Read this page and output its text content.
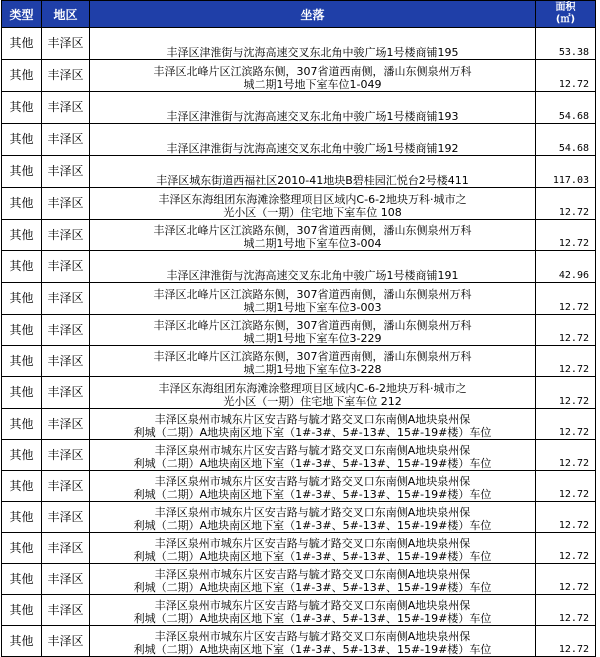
类型	地区	坐落	面积
(㎡)

其他	丰泽区	丰泽区津淮街与沈海高速交叉东北角中骏广场1号楼商铺195	53.38
其他	丰泽区	丰泽区北峰片区江滨路东侧，307省道西南侧，潘山东侧泉州万科
城二期1号地下室车位1-049	12.72
其他	丰泽区	丰泽区津淮街与沈海高速交叉东北角中骏广场1号楼商铺193	54.68
其他	丰泽区	丰泽区津淮街与沈海高速交叉东北角中骏广场1号楼商铺192	54.68
其他	丰泽区	丰泽区城东街道西福社区2010-41地块B碧桂园汇悦台2号楼411	117.03
其他	丰泽区	丰泽区东海组团东海滩涂整理项目区域内C-6-2地块万科·城市之
光小区（一期）住宅地下室车位 108	12.72
其他	丰泽区	丰泽区北峰片区江滨路东侧，307省道西南侧，潘山东侧泉州万科
城二期1号地下室车位3-004	12.72
其他	丰泽区	丰泽区津淮街与沈海高速交叉东北角中骏广场1号楼商铺191	42.96
其他	丰泽区	丰泽区北峰片区江滨路东侧，307省道西南侧，潘山东侧泉州万科
城二期1号地下室车位3-003	12.72
其他	丰泽区	丰泽区北峰片区江滨路东侧，307省道西南侧，潘山东侧泉州万科
城二期1号地下室车位3-229	12.72
其他	丰泽区	丰泽区北峰片区江滨路东侧，307省道西南侧，潘山东侧泉州万科
城二期1号地下室车位3-228	12.72
其他	丰泽区	丰泽区东海组团东海滩涂整理项目区域内C-6-2地块万科·城市之
光小区（一期）住宅地下室车位 212	12.72
其他	丰泽区	丰泽区泉州市城东片区安吉路与毓才路交叉口东南侧A地块泉州保
利城（二期）A地块南区地下室（1#-3#、5#-13#、15#-19#楼）车位	12.72
其他	丰泽区	丰泽区泉州市城东片区安吉路与毓才路交叉口东南侧A地块泉州保
利城（二期）A地块南区地下室（1#-3#、5#-13#、15#-19#楼）车位	12.72
其他	丰泽区	丰泽区泉州市城东片区安吉路与毓才路交叉口东南侧A地块泉州保
利城（二期）A地块南区地下室（1#-3#、5#-13#、15#-19#楼）车位	12.72
其他	丰泽区	丰泽区泉州市城东片区安吉路与毓才路交叉口东南侧A地块泉州保
利城（二期）A地块南区地下室（1#-3#、5#-13#、15#-19#楼）车位	12.72
其他	丰泽区	丰泽区泉州市城东片区安吉路与毓才路交叉口东南侧A地块泉州保
利城（二期）A地块南区地下室（1#-3#、5#-13#、15#-19#楼）车位	12.72
其他	丰泽区	丰泽区泉州市城东片区安吉路与毓才路交叉口东南侧A地块泉州保
利城（二期）A地块南区地下室（1#-3#、5#-13#、15#-19#楼）车位	12.72
其他	丰泽区	丰泽区泉州市城东片区安吉路与毓才路交叉口东南侧A地块泉州保
利城（二期）A地块南区地下室（1#-3#、5#-13#、15#-19#楼）车位	12.72
其他	丰泽区	丰泽区泉州市城东片区安吉路与毓才路交叉口东南侧A地块泉州保
利城（二期）A地块南区地下室（1#-3#、5#-13#、15#-19#楼）车位	12.72
